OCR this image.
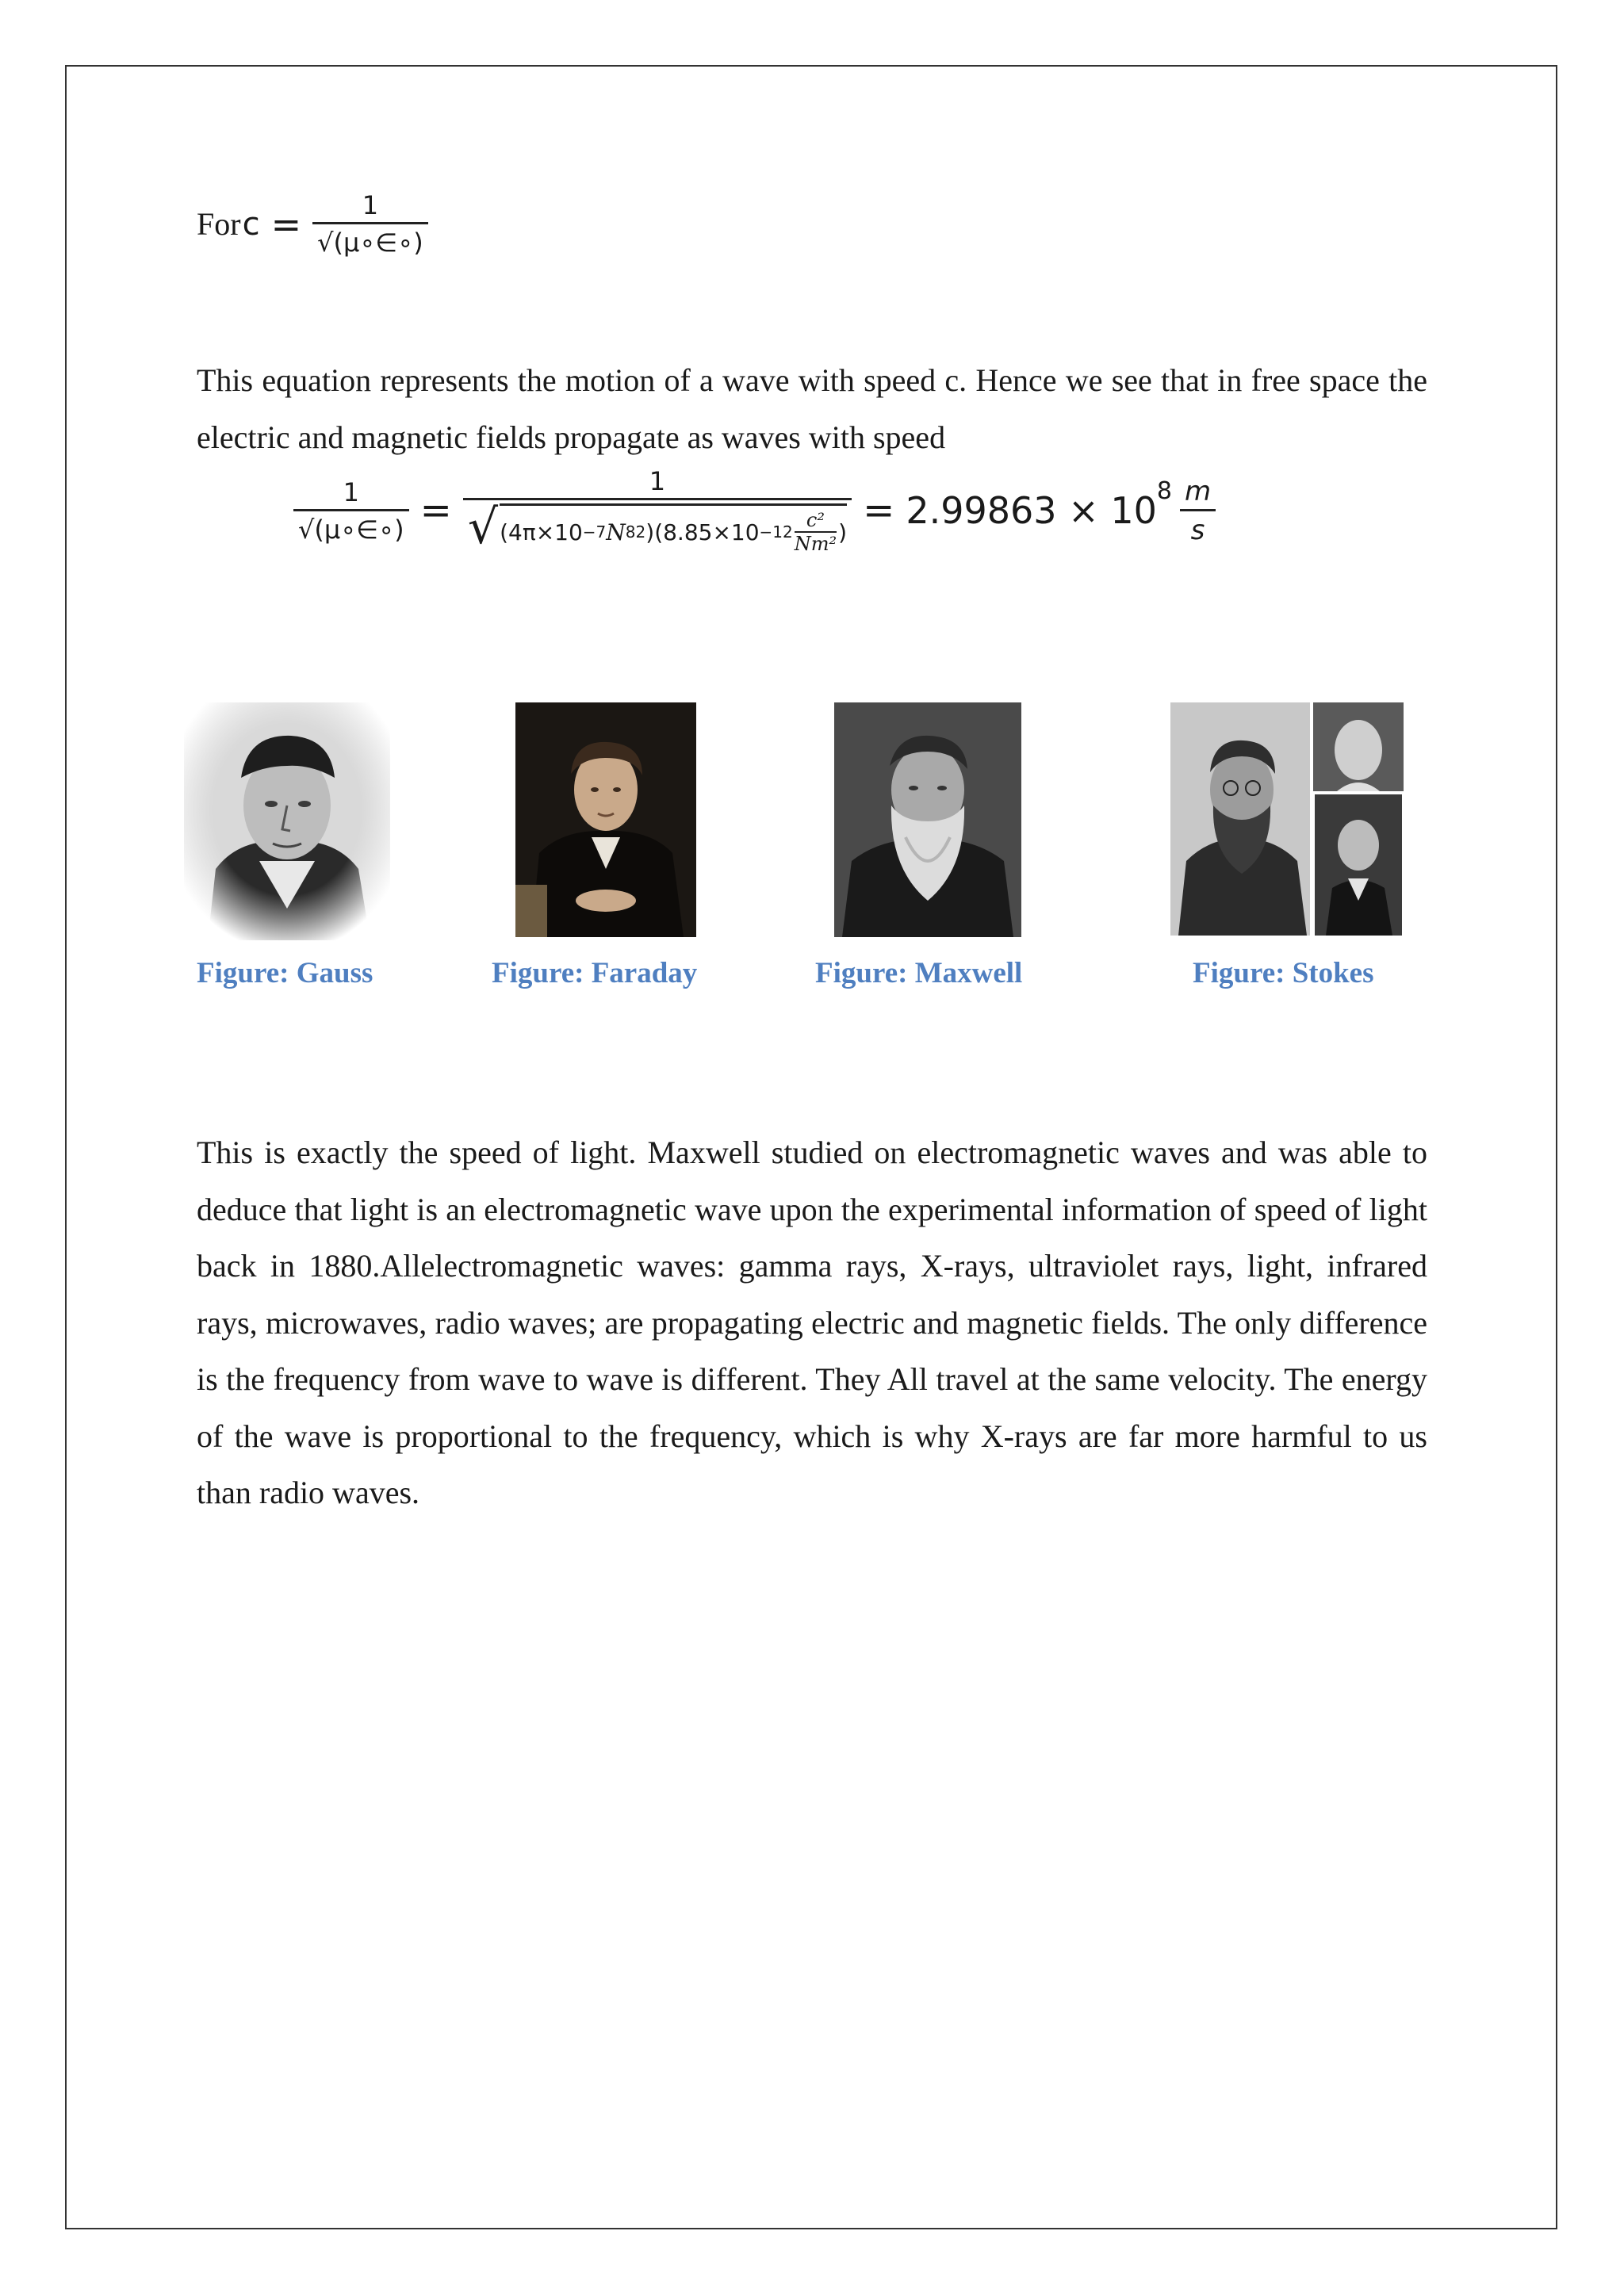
For $c = \frac{1}{√(\mu\circ\in\circ)}$

This equation represents the motion of a wave with speed c. Hence we see that in free space the electric and magnetic fields propagate as waves with speed

$\frac{1}{√(\mu\circ\in\circ)}$ =
1
√ (4π×10 −7 N 8 2 ) ($8.85\times 10 -12 \frac{\text{c²}}{\text{Nm²}}$ ) = $2.99863 \times 10^8 \frac{m}{s}$
Figure: Gauss	Figure: Faraday	Figure: Maxwell	Figure: Stokes

This is exactly the speed of light. Maxwell studied on electromagnetic waves and was able to deduce that light is an electromagnetic wave upon the experimental information of speed of light back in 1880.Allelectromagnetic waves: gamma rays, X-rays, ultraviolet rays, light, infrared rays, microwaves, radio waves; are propagating electric and magnetic fields. The only difference is the frequency from wave to wave is different. They All travel at the same velocity. The energy of the wave is proportional to the frequency, which is why X-rays are far more harmful to us than radio waves.
